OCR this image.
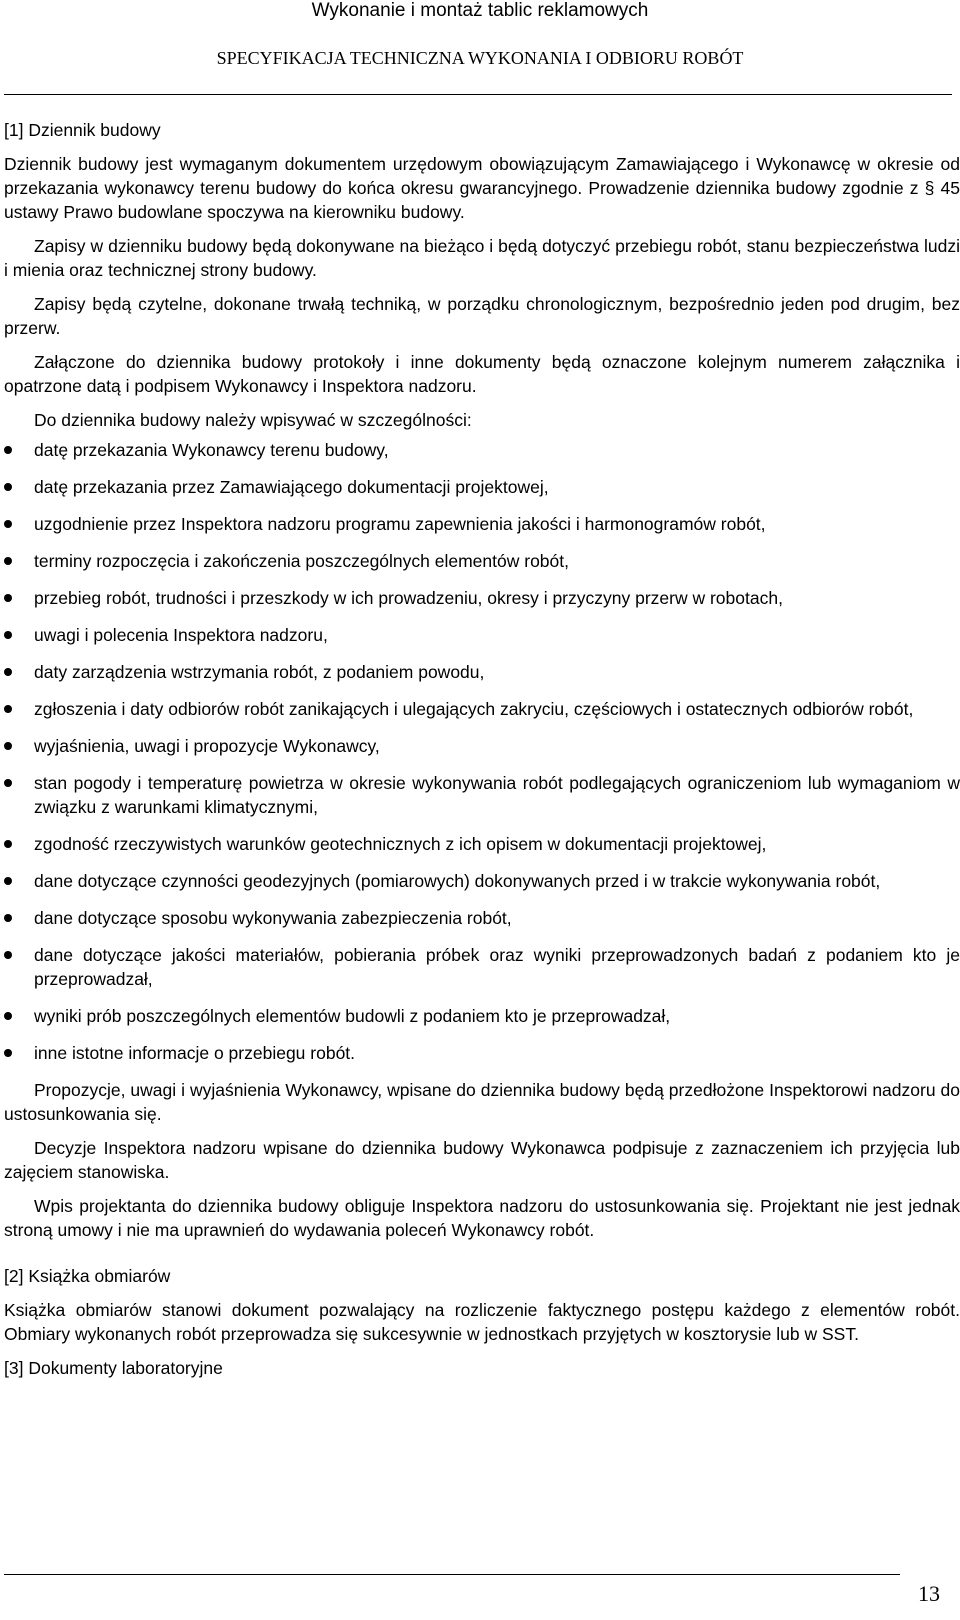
Wykonanie i montaż tablic reklamowych
SPECYFIKACJA TECHNICZNA WYKONANIA I ODBIORU ROBÓT
[1] Dziennik budowy

Dziennik budowy jest wymaganym dokumentem urzędowym obowiązującym Zamawiającego i Wykonawcę w okresie od przekazania wykonawcy terenu budowy do końca okresu gwarancyjnego. Prowadzenie dziennika budowy zgodnie z § 45 ustawy Prawo budowlane spoczywa na kierowniku budowy.

Zapisy w dzienniku budowy będą dokonywane na bieżąco i będą dotyczyć przebiegu robót, stanu bezpieczeństwa ludzi i mienia oraz technicznej strony budowy.

Zapisy będą czytelne, dokonane trwałą techniką, w porządku chronologicznym, bezpośrednio jeden pod drugim, bez przerw.

Załączone do dziennika budowy protokoły i inne dokumenty będą oznaczone kolejnym numerem załącznika i opatrzone datą i podpisem Wykonawcy i Inspektora nadzoru.

Do dziennika budowy należy wpisywać w szczególności:

datę przekazania Wykonawcy terenu budowy,
datę przekazania przez Zamawiającego dokumentacji projektowej,
uzgodnienie przez Inspektora nadzoru programu zapewnienia jakości i harmonogramów robót,
terminy rozpoczęcia i zakończenia poszczególnych elementów robót,
przebieg robót, trudności i przeszkody w ich prowadzeniu, okresy i przyczyny przerw w robotach,
uwagi i polecenia Inspektora nadzoru,
daty zarządzenia wstrzymania robót, z podaniem powodu,
zgłoszenia i daty odbiorów robót zanikających i ulegających zakryciu, częściowych i ostatecznych odbiorów robót,
wyjaśnienia, uwagi i propozycje Wykonawcy,
stan pogody i temperaturę powietrza w okresie wykonywania robót podlegających ograniczeniom lub wymaganiom w związku z warunkami klimatycznymi,
zgodność rzeczywistych warunków geotechnicznych z ich opisem w dokumentacji projektowej,
dane dotyczące czynności geodezyjnych (pomiarowych) dokonywanych przed i w trakcie wykonywania robót,
dane dotyczące sposobu wykonywania zabezpieczenia robót,
dane dotyczące jakości materiałów, pobierania próbek oraz wyniki przeprowadzonych badań z podaniem kto je przeprowadzał,
wyniki prób poszczególnych elementów budowli z podaniem kto je przeprowadzał,
inne istotne informacje o przebiegu robót.

Propozycje, uwagi i wyjaśnienia Wykonawcy, wpisane do dziennika budowy będą przedłożone Inspektorowi nadzoru do ustosunkowania się.

Decyzje Inspektora nadzoru wpisane do dziennika budowy Wykonawca podpisuje z zaznaczeniem ich przyjęcia lub zajęciem stanowiska.

Wpis projektanta do dziennika budowy obliguje Inspektora nadzoru do ustosunkowania się. Projektant nie jest jednak stroną umowy i nie ma uprawnień do wydawania poleceń Wykonawcy robót.

[2] Książka obmiarów

Książka obmiarów stanowi dokument pozwalający na rozliczenie faktycznego postępu każdego z elementów robót. Obmiary wykonanych robót przeprowadza się sukcesywnie w jednostkach przyjętych w kosztorysie lub w SST.

[3] Dokumenty laboratoryjne
13
